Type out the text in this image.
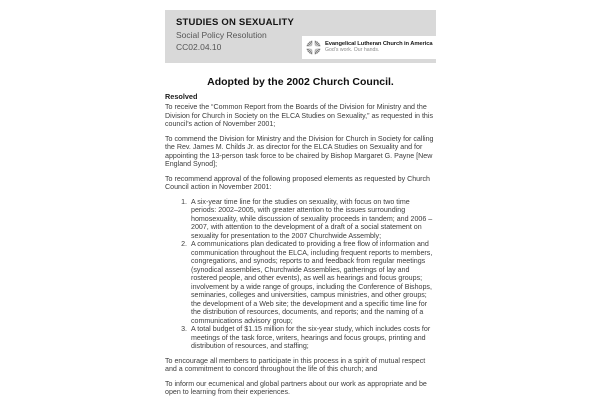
STUDIES ON SEXUALITY
Social Policy Resolution
CC02.04.10	Evangelical Lutheran Church in America
God’s work. Our hands.
Adopted by the 2002 Church Council.
Resolved

To receive the “Common Report from the Boards of the Division for Ministry and the Division for Church in Society on the ELCA Studies on Sexuality,” as requested in this council’s action of November 2001;

To commend the Division for Ministry and the Division for Church in Society for calling the Rev. James M. Childs Jr. as director for the ELCA Studies on Sexuality and for appointing the 13-person task force to be chaired by Bishop Margaret G. Payne [New England Synod];

To recommend approval of the following proposed elements as requested by Church Council action in November 2001:

1. A six-year time line for the studies on sexuality, with focus on two time periods: 2002–2005, with greater attention to the issues surrounding homosexuality, while discussion of sexuality proceeds in tandem; and 2006 – 2007, with attention to the development of a draft of a social statement on sexuality for presentation to the 2007 Churchwide Assembly;
2. A communications plan dedicated to providing a free flow of information and communication throughout the ELCA, including frequent reports to members, congregations, and synods; reports to and feedback from regular meetings (synodical assemblies, Churchwide Assemblies, gatherings of lay and rostered people, and other events), as well as hearings and focus groups; involvement by a wide range of groups, including the Conference of Bishops, seminaries, colleges and universities, campus ministries, and other groups; the development of a Web site; the development and a specific time line for the distribution of resources, documents, and reports; and the naming of a communications advisory group;
3. A total budget of $1.15 million for the six-year study, which includes costs for meetings of the task force, writers, hearings and focus groups, printing and distribution of resources, and staffing;

To encourage all members to participate in this process in a spirit of mutual respect and a commitment to concord throughout the life of this church; and

To inform our ecumenical and global partners about our work as appropriate and be open to learning from their experiences.
